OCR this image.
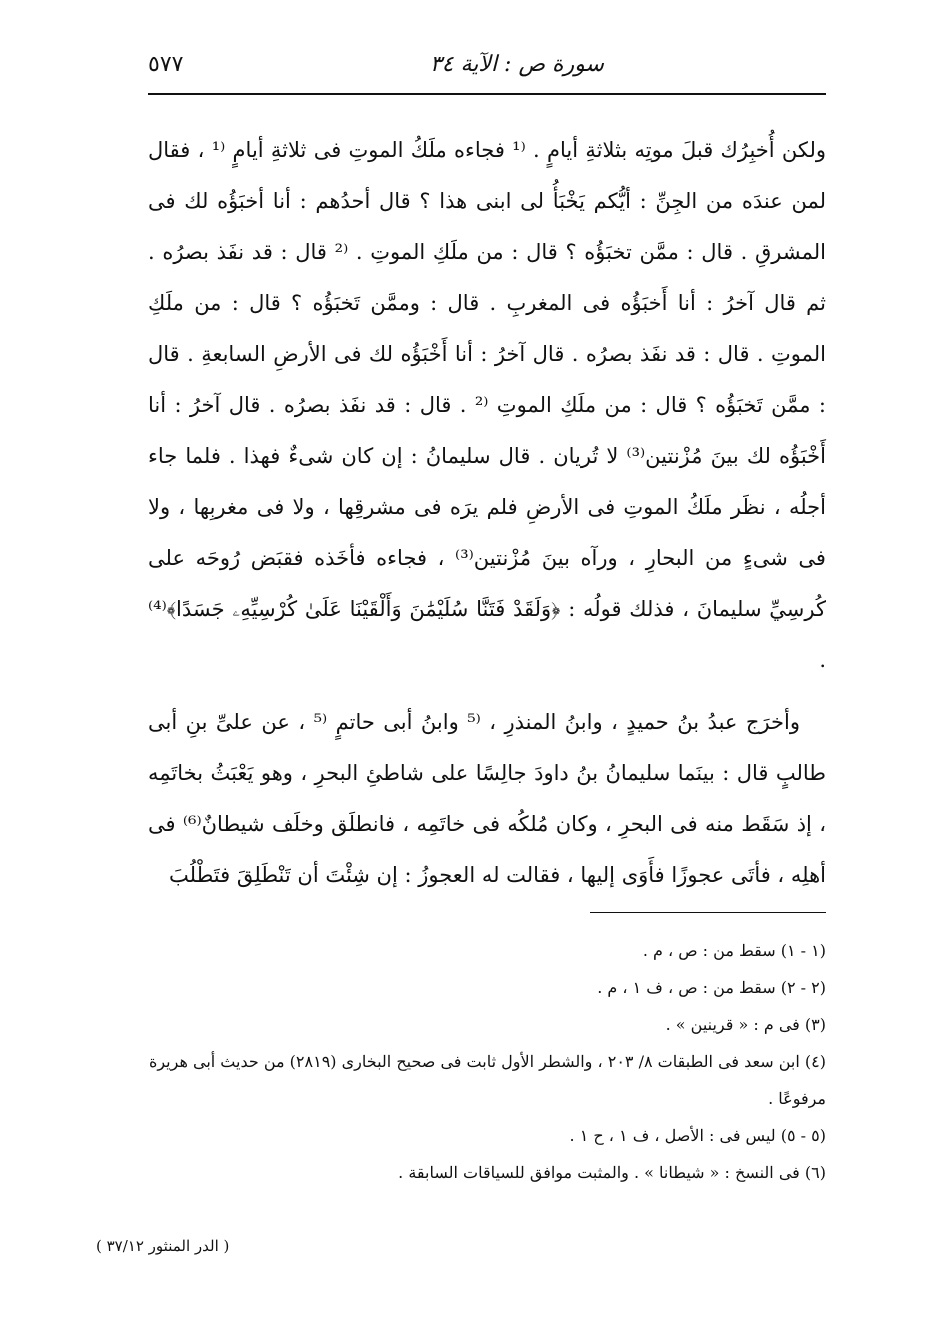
سورة ص : الآية ٣٤
٥٧٧

ولكن أُخبِرُك قبلَ موتِه بثلاثةِ أيامٍ . ⁽¹ فجاءه ملَكُ الموتِ فى ثلاثةِ أيامٍ ⁽¹ ، فقال لمن عندَه من الجِنِّ : أيُّكم يَخْبَأُ لى ابنى هذا ؟ قال أحدُهم : أنا أخبَؤُه لك فى المشرقِ . قال : ممَّن تخبَؤُه ؟ قال : من ملَكِ الموتِ . ⁽² قال : قد نفَذ بصرُه . ثم قال آخرُ : أنا أَخبَؤُه فى المغربِ . قال : وممَّن تَخبَؤُه ؟ قال : من ملَكِ الموتِ . قال : قد نفَذ بصرُه . قال آخرُ : أنا أَخْبَؤُه لك فى الأرضِ السابعةِ . قال : ممَّن تَخبَؤُه ؟ قال : من ملَكِ الموتِ ⁽² . قال : قد نفَذ بصرُه . قال آخرُ : أنا أَخْبَؤُه لك بينَ مُزْنتين⁽³⁾ لا تُريان . قال سليمانُ : إن كان شىءٌ فهذا . فلما جاء أجلُه ، نظَر ملَكُ الموتِ فى الأرضِ فلم يرَه فى مشرقِها ، ولا فى مغربِها ، ولا فى شىءٍ من البحارِ ، ورآه بينَ مُزْنتين⁽³⁾ ، فجاءه فأخَذه فقبَض رُوحَه على كُرسِيِّ سليمانَ ، فذلك قولُه : ﴿وَلَقَدْ فَتَنَّا سُلَيْمَٰنَ وَأَلْقَيْنَا عَلَىٰ كُرْسِيِّهِۦ جَسَدًا﴾⁽⁴⁾ .

وأخرَج عبدُ بنُ حميدٍ ، وابنُ المنذرِ ، ⁽⁵ وابنُ أبى حاتمٍ ⁽⁵ ، عن علىِّ بنِ أبى طالبٍ قال : بينَما سليمانُ بنُ داودَ جالِسًا على شاطئِ البحرِ ، وهو يَعْبَثُ بخاتَمِه ، إذ سَقَط منه فى البحرِ ، وكان مُلكُه فى خاتَمِه ، فانطلَق وخلَف شيطانٌ⁽⁶⁾ فى أهلِه ، فأتَى عجوزًا فأَوَى إليها ، فقالت له العجوزُ : إن شِئْتَ أن تَنْطَلِقَ فتَطْلُبَ

(١ - ١) سقط من : ص ، م .

(٢ - ٢) سقط من : ص ، ف ١ ، م .

(٣) فى م : « قرينين » .

(٤) ابن سعد فى الطبقات ٨/ ٢٠٣ ، والشطر الأول ثابت فى صحيح البخارى (٢٨١٩) من حديث أبى هريرة مرفوعًا .

(٥ - ٥) ليس فى : الأصل ، ف ١ ، ح ١ .

(٦) فى النسخ : « شيطانا » . والمثبت موافق للسياقات السابقة .

( الدر المنثور ٣٧/١٢ )
